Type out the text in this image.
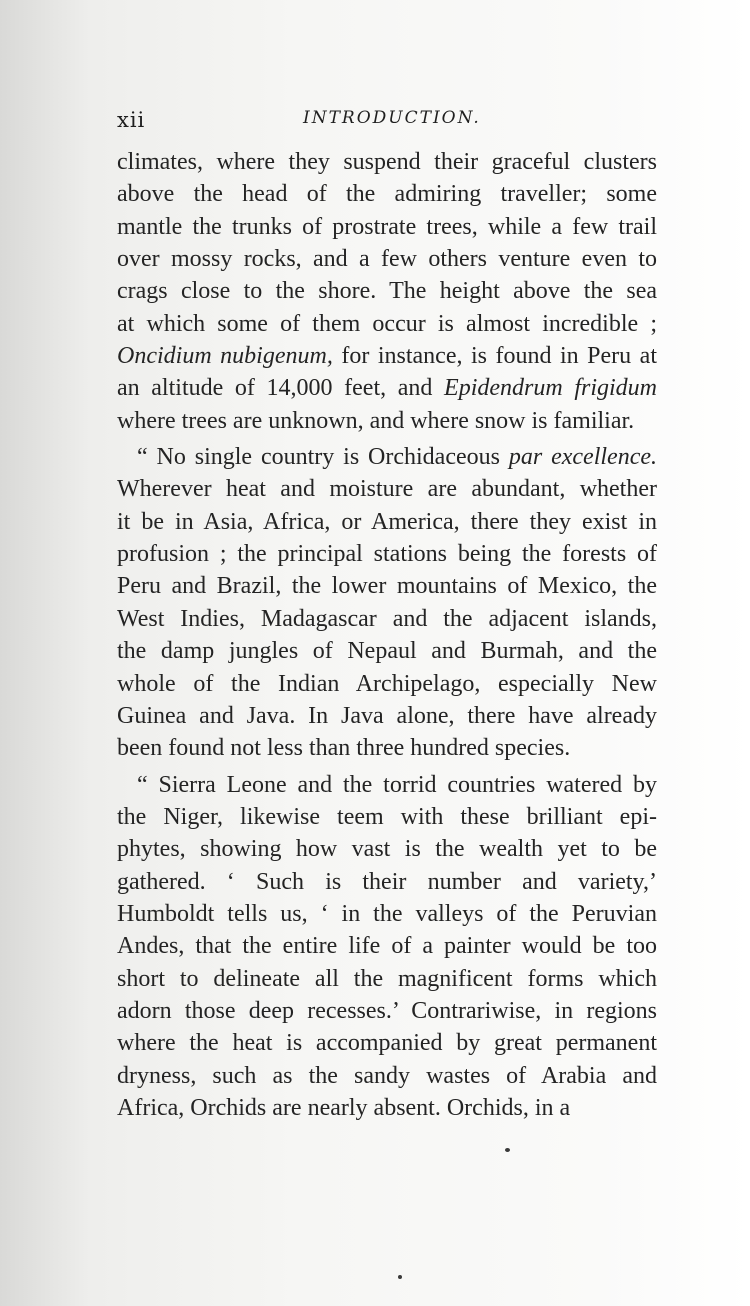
xii	INTRODUCTION.
climates, where they suspend their graceful clusters
above the head of the admiring traveller; some
mantle the trunks of prostrate trees, while a few trail
over mossy rocks, and a few others venture even to
crags close to the shore. The height above the sea
at which some of them occur is almost incredible ;
Oncidium nubigenum, for instance, is found in Peru at
an altitude of 14,000 feet, and Epidendrum frigidum
where trees are unknown, and where snow is familiar.
“ No single country is Orchidaceous par excellence.
Wherever heat and moisture are abundant, whether
it be in Asia, Africa, or America, there they exist in
profusion ; the principal stations being the forests of
Peru and Brazil, the lower mountains of Mexico, the
West Indies, Madagascar and the adjacent islands,
the damp jungles of Nepaul and Burmah, and the
whole of the Indian Archipelago, especially New
Guinea and Java. In Java alone, there have already
been found not less than three hundred species.
“ Sierra Leone and the torrid countries watered by
the Niger, likewise teem with these brilliant epi-
phytes, showing how vast is the wealth yet to be
gathered. ‘ Such is their number and variety,’
Humboldt tells us, ‘ in the valleys of the Peruvian
Andes, that the entire life of a painter would be too
short to delineate all the magnificent forms which
adorn those deep recesses.’ Contrariwise, in regions
where the heat is accompanied by great permanent
dryness, such as the sandy wastes of Arabia and
Africa, Orchids are nearly absent. Orchids, in a
